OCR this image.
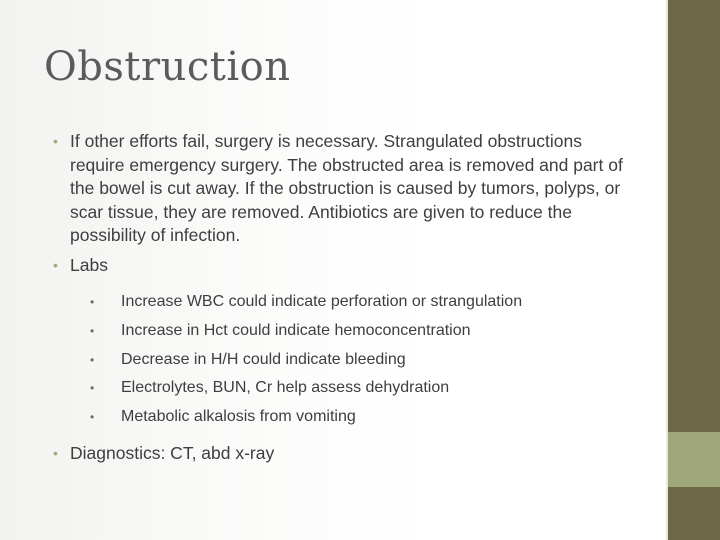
Obstruction
• If other efforts fail, surgery is necessary. Strangulated obstructions require emergency surgery. The obstructed area is removed and part of the bowel is cut away. If the obstruction is caused by tumors, polyps, or scar tissue, they are removed. Antibiotics are given to reduce the possibility of infection.
• Labs
• Increase WBC could indicate perforation or strangulation
• Increase in Hct could indicate hemoconcentration
• Decrease in H/H could indicate bleeding
• Electrolytes, BUN, Cr help assess dehydration
• Metabolic alkalosis from vomiting
• Diagnostics: CT, abd x-ray
